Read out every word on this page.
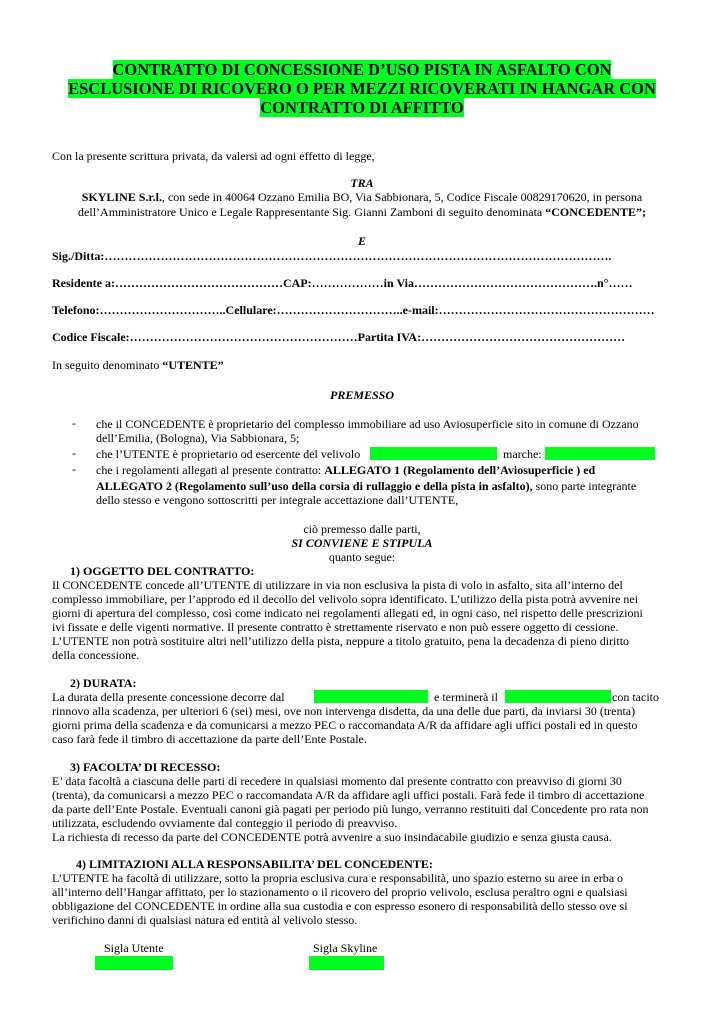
CONTRATTO DI CONCESSIONE D’USO PISTA IN ASFALTO CON
ESCLUSIONE DI RICOVERO O PER MEZZI RICOVERATI IN HANGAR CON
CONTRATTO DI AFFITTO
Con la presente scrittura privata, da valersi ad ogni effetto di legge,
TRA
SKYLINE S.r.l., con sede in 40064 Ozzano Emilia BO, Via Sabbionara, 5, Codice Fiscale 00829170620, in persona
dell’Amministratore Unico e Legale Rappresentante Sig. Gianni Zamboni di seguito denominata “CONCEDENTE”;
E
Sig./Ditta:……………………………………………………………………………………………………………….
Residente a:……………………………………CAP:………………in Via……………………………………….n°……
Telefono:…………………………..Cellulare:…………………………..e-mail:………………………………………………
Codice Fiscale:…………………………………………………Partita IVA:……………………………………………
In seguito denominato “UTENTE”
PREMESSO
- che il CONCEDENTE è proprietario del complesso immobiliare ad uso Aviosuperficie sito in comune di Ozzano
dell’Emilia, (Bologna), Via Sabbionara, 5;
- che l’UTENTE è proprietario od esercente del velivolo	marche:
- che i regolamenti allegati al presente contratto: ALLEGATO 1 (Regolamento dell’Aviosuperficie ) ed
ALLEGATO 2 (Regolamento sull’uso della corsia di rullaggio e della pista in asfalto), sono parte integrante
dello stesso e vengono sottoscritti per integrale accettazione dall’UTENTE,
ciò premesso dalle parti,
SI CONVIENE E STIPULA
quanto segue:
1) OGGETTO DEL CONTRATTO:
Il CONCEDENTE concede all’UTENTE di utilizzare in via non esclusiva la pista di volo in asfalto, sita all’interno del
complesso immobiliare, per l’approdo ed il decollo del velivolo sopra identificato. L’utilizzo della pista potrà avvenire nei
giorni di apertura del complesso, così come indicato nei regolamenti allegati ed, in ogni caso, nel rispetto delle prescrizioni
ivi fissate e delle vigenti normative. Il presente contratto è strettamente riservato e non può essere oggetto di cessione.
L’UTENTE non potrà sostituire altri nell’utilizzo della pista, neppure a titolo gratuito, pena la decadenza di pieno diritto
della concessione.
2) DURATA:
La durata della presente concessione decorre dal	e terminerà il	con tacito
rinnovo alla scadenza, per ulteriori 6 (sei) mesi, ove non intervenga disdetta, da una delle due parti, da inviarsi 30 (trenta)
giorni prima della scadenza e da comunicarsi a mezzo PEC o raccomandata A/R da affidare agli uffici postali ed in questo
caso farà fede il timbro di accettazione da parte dell’Ente Postale.
3) FACOLTA’ DI RECESSO:
E’ data facoltà a ciascuna delle parti di recedere in qualsiasi momento dal presente contratto con preavviso di giorni 30
(trenta), da comunicarsi a mezzo PEC o raccomandata A/R da affidare agli uffici postali. Farà fede il timbro di accettazione
da parte dell’Ente Postale. Eventuali canoni già pagati per periodo più lungo, verranno restituiti dal Concedente pro rata non
utilizzata, escludendo ovviamente dal conteggio il periodo di preavviso.
La richiesta di recesso da parte del CONCEDENTE potrà avvenire a suo insindacabile giudizio e senza giusta causa.
4) LIMITAZIONI ALLA RESPONSABILITA’ DEL CONCEDENTE:
L’UTENTE ha facoltà di utilizzare, sotto la propria esclusiva cura e responsabilità, uno spazio esterno su aree in erba o
all’interno dell’Hangar affittato, per lo stazionamento o il ricovero del proprio velivolo, esclusa peraltro ogni e qualsiasi
obbligazione del CONCEDENTE in ordine alla sua custodia e con espresso esonero di responsabilità dello stesso ove si
verifichino danni di qualsiasi natura ed entità al velivolo stesso.
Sigla Utente	Sigla Skyline
